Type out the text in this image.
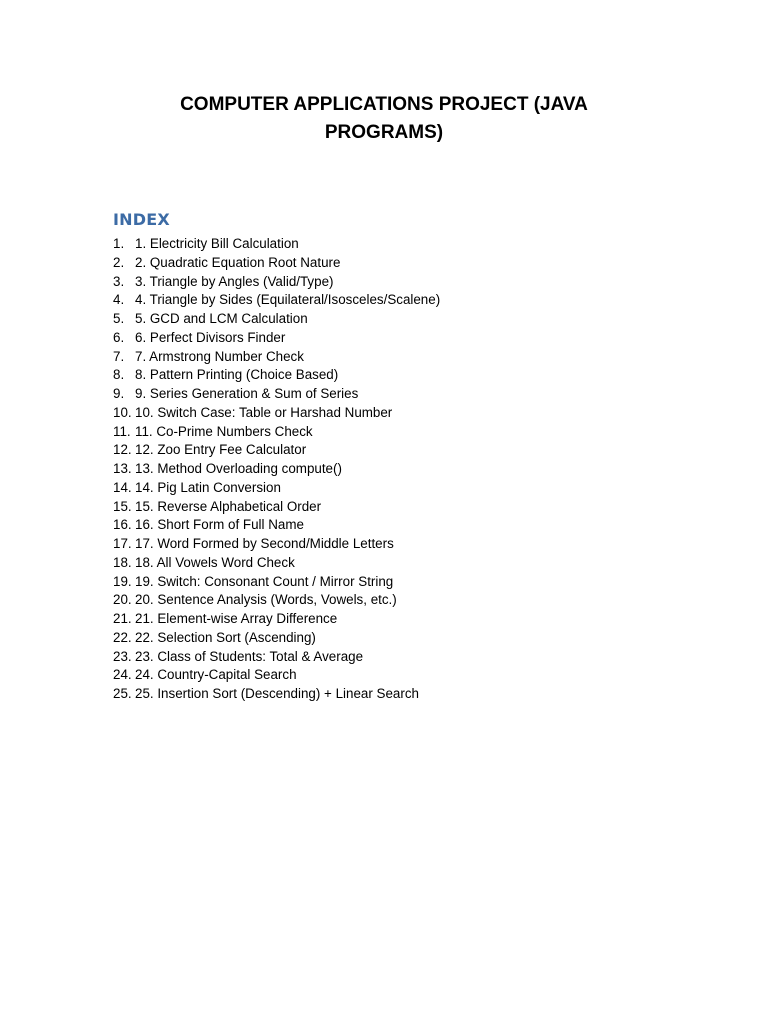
COMPUTER APPLICATIONS PROJECT (JAVA PROGRAMS)
INDEX
1. 1. Electricity Bill Calculation
2. 2. Quadratic Equation Root Nature
3. 3. Triangle by Angles (Valid/Type)
4. 4. Triangle by Sides (Equilateral/Isosceles/Scalene)
5. 5. GCD and LCM Calculation
6. 6. Perfect Divisors Finder
7. 7. Armstrong Number Check
8. 8. Pattern Printing (Choice Based)
9. 9. Series Generation & Sum of Series
10. 10. Switch Case: Table or Harshad Number
11. 11. Co-Prime Numbers Check
12. 12. Zoo Entry Fee Calculator
13. 13. Method Overloading compute()
14. 14. Pig Latin Conversion
15. 15. Reverse Alphabetical Order
16. 16. Short Form of Full Name
17. 17. Word Formed by Second/Middle Letters
18. 18. All Vowels Word Check
19. 19. Switch: Consonant Count / Mirror String
20. 20. Sentence Analysis (Words, Vowels, etc.)
21. 21. Element-wise Array Difference
22. 22. Selection Sort (Ascending)
23. 23. Class of Students: Total & Average
24. 24. Country-Capital Search
25. 25. Insertion Sort (Descending) + Linear Search
